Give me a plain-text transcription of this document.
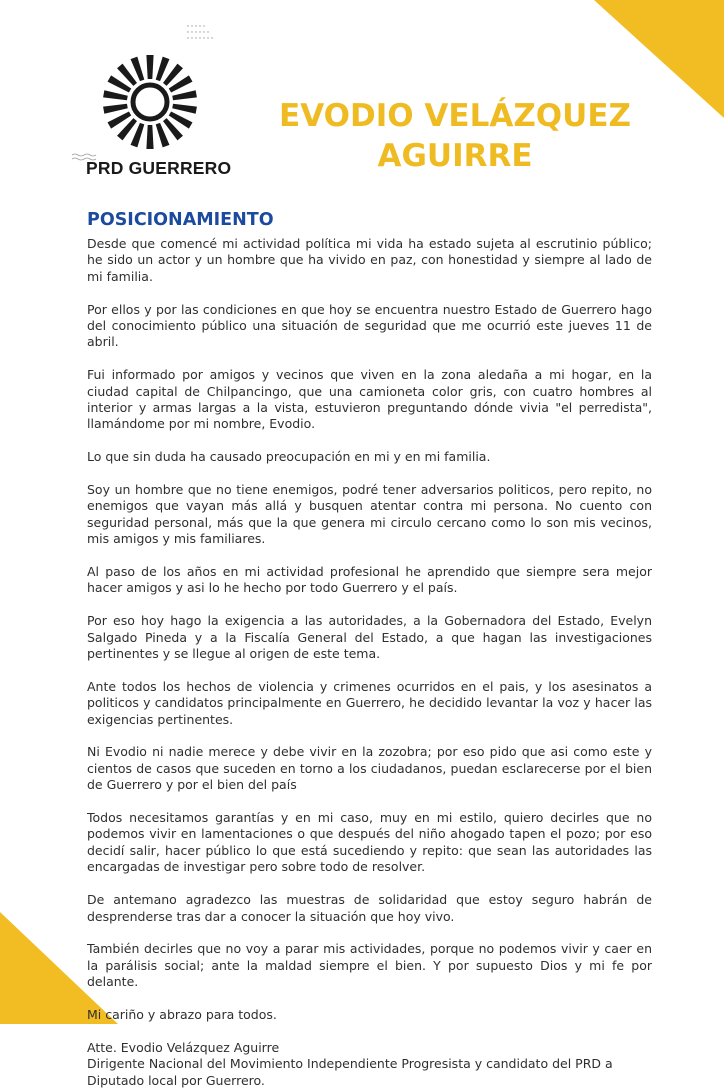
PRD GUERRERO
EVODIO VELÁZQUEZ AGUIRRE
POSICIONAMIENTO

Desde que comencé mi actividad política mi vida ha estado sujeta al escrutinio público; he sido un actor y un hombre que ha vivido en paz, con honestidad y siempre al lado de mi familia.

Por ellos y por las condiciones en que hoy se encuentra nuestro Estado de Guerrero hago del conocimiento público una situación de seguridad que me ocurrió este jueves 11 de abril.

Fui informado por amigos y vecinos que viven en la zona aledaña a mi hogar, en la ciudad capital de Chilpancingo, que una camioneta color gris, con cuatro hombres al interior y armas largas a la vista, estuvieron preguntando dónde vivia "el perredista", llamándome por mi nombre, Evodio.

Lo que sin duda ha causado preocupación en mi y en mi familia.

Soy un hombre que no tiene enemigos, podré tener adversarios politicos, pero repito, no enemigos que vayan más allá y busquen atentar contra mi persona. No cuento con seguridad personal, más que la que genera mi circulo cercano como lo son mis vecinos, mis amigos y mis familiares.

Al paso de los años en mi actividad profesional he aprendido que siempre sera mejor hacer amigos y asi lo he hecho por todo Guerrero y el país.

Por eso hoy hago la exigencia a las autoridades, a la Gobernadora del Estado, Evelyn Salgado Pineda y a la Fiscalía General del Estado, a que hagan las investigaciones pertinentes y se llegue al origen de este tema.

Ante todos los hechos de violencia y crimenes ocurridos en el pais, y los asesinatos a politicos y candidatos principalmente en Guerrero, he decidido levantar la voz y hacer las exigencias pertinentes.

Ni Evodio ni nadie merece y debe vivir en la zozobra; por eso pido que asi como este y cientos de casos que suceden en torno a los ciudadanos, puedan esclarecerse por el bien de Guerrero y por el bien del país

Todos necesitamos garantías y en mi caso, muy en mi estilo, quiero decirles que no podemos vivir en lamentaciones o que después del niño ahogado tapen el pozo; por eso decidí salir, hacer público lo que está sucediendo y repito: que sean las autoridades las encargadas de investigar pero sobre todo de resolver.

De antemano agradezco las muestras de solidaridad que estoy seguro habrán de desprenderse tras dar a conocer la situación que hoy vivo.

También decirles que no voy a parar mis actividades, porque no podemos vivir y caer en la parálisis social; ante la maldad siempre el bien. Y por supuesto Dios y mi fe por delante.

Mi cariño y abrazo para todos.

Atte. Evodio Velázquez Aguirre
Dirigente Nacional del Movimiento Independiente Progresista y candidato del PRD a Diputado local por Guerrero.
